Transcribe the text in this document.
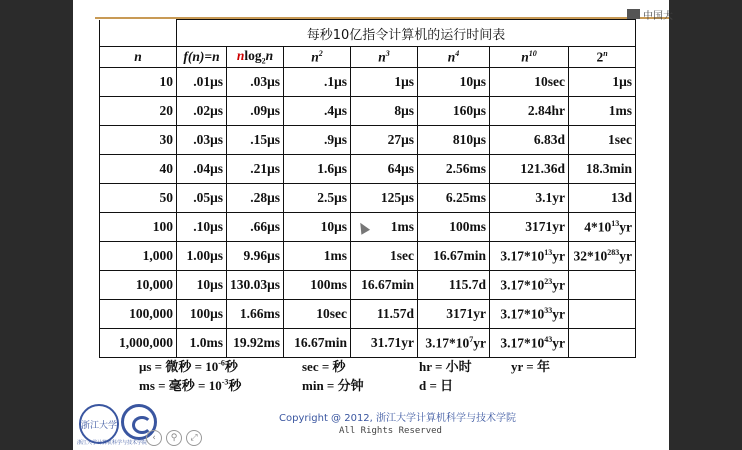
	每秒10亿指令计算机的运行时间表						
n	f(n)=n	nlog$_2$n	$n^2$	$n^3$	$n^4$	$n^{10}$	2$^n$
10	.01μs	.03μs	.1μs	1μs	10μs	10sec	1μs
20	.02μs	.09μs	.4μs	8μs	160μs	2.84hr	1ms
30	.03μs	.15μs	.9μs	27μs	810μs	6.83d	1sec
40	.04μs	.21μs	1.6μs	64μs	2.56ms	121.36d	18.3min
50	.05μs	.28μs	2.5μs	125μs	6.25ms	3.1yr	13d
100	.10μs	.66μs	10μs	1ms	100ms	3171yr	$4*10^{13}yr$
1,000	1.00μs	9.96μs	1ms	1sec	16.67min	$3.17*10^{13}yr$	$32*10^{283}yr$
10,000	10μs	130.03μs	100ms	16.67min	115.7d	$3.17*10^{23}yr$	
100,000	100μs	1.66ms	10sec	11.57d	3171yr	$3.17*10^{33}yr$	
1,000,000	1.0ms	19.92ms	16.67min	31.71yr	$3.17*10^7yr$	$3.17*10^{43}yr$	
μs = 微秒 = $10^{-6}$秒	sec = 秒	hr = 小时	yr = 年
ms = 毫秒 = $10^{-3}$秒	min = 分钟	d = 日
浙江大学
浙江大学计算机科学与技术学院 ‹	⚲	⤢
Copyright @ 2012, 浙江大学计算机科学与技术学院
All Rights Reserved
中国大
